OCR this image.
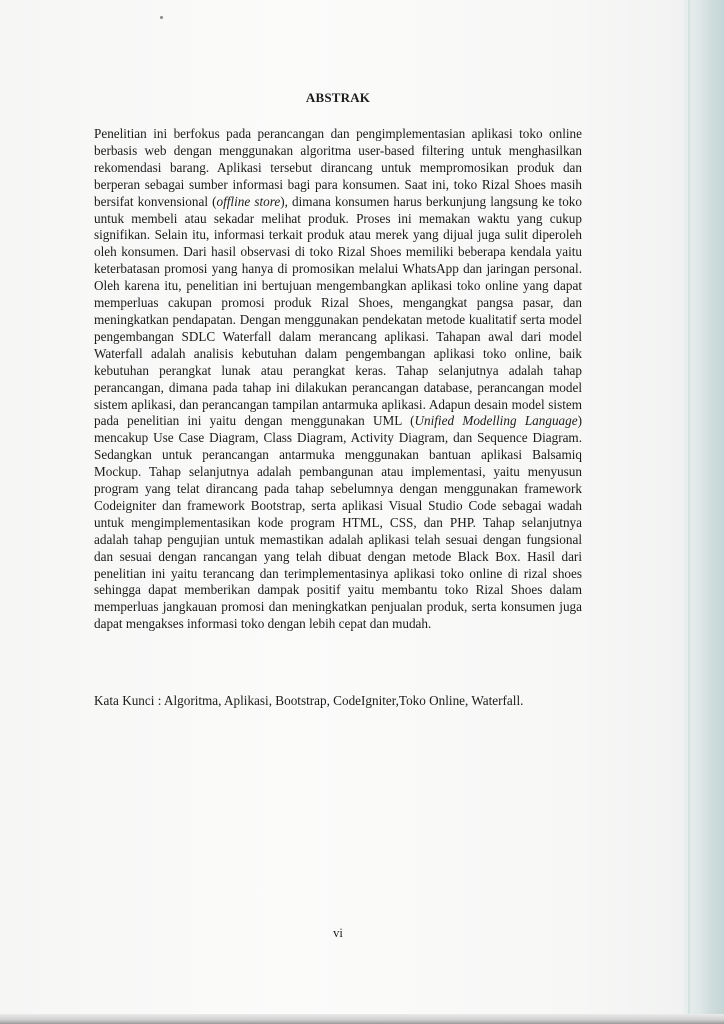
ABSTRAK

Penelitian ini berfokus pada perancangan dan pengimplementasian aplikasi toko online berbasis web dengan menggunakan algoritma user-based filtering untuk menghasilkan rekomendasi barang. Aplikasi tersebut dirancang untuk mempromosikan produk dan berperan sebagai sumber informasi bagi para konsumen. Saat ini, toko Rizal Shoes masih bersifat konvensional (offline store), dimana konsumen harus berkunjung langsung ke toko untuk membeli atau sekadar melihat produk. Proses ini memakan waktu yang cukup signifikan. Selain itu, informasi terkait produk atau merek yang dijual juga sulit diperoleh oleh konsumen. Dari hasil observasi di toko Rizal Shoes memiliki beberapa kendala yaitu keterbatasan promosi yang hanya di promosikan melalui WhatsApp dan jaringan personal. Oleh karena itu, penelitian ini bertujuan mengembangkan aplikasi toko online yang dapat memperluas cakupan promosi produk Rizal Shoes, mengangkat pangsa pasar, dan meningkatkan pendapatan. Dengan menggunakan pendekatan metode kualitatif serta model pengembangan SDLC Waterfall dalam merancang aplikasi. Tahapan awal dari model Waterfall adalah analisis kebutuhan dalam pengembangan aplikasi toko online, baik kebutuhan perangkat lunak atau perangkat keras. Tahap selanjutnya adalah tahap perancangan, dimana pada tahap ini dilakukan perancangan database, perancangan model sistem aplikasi, dan perancangan tampilan antarmuka aplikasi. Adapun desain model sistem pada penelitian ini yaitu dengan menggunakan UML (Unified Modelling Language) mencakup Use Case Diagram, Class Diagram, Activity Diagram, dan Sequence Diagram. Sedangkan untuk perancangan antarmuka menggunakan bantuan aplikasi Balsamiq Mockup. Tahap selanjutnya adalah pembangunan atau implementasi, yaitu menyusun program yang telat dirancang pada tahap sebelumnya dengan menggunakan framework Codeigniter dan framework Bootstrap, serta aplikasi Visual Studio Code sebagai wadah untuk mengimplementasikan kode program HTML, CSS, dan PHP. Tahap selanjutnya adalah tahap pengujian untuk memastikan adalah aplikasi telah sesuai dengan fungsional dan sesuai dengan rancangan yang telah dibuat dengan metode Black Box. Hasil dari penelitian ini yaitu terancang dan terimplementasinya aplikasi toko online di rizal shoes sehingga dapat memberikan dampak positif yaitu membantu toko Rizal Shoes dalam memperluas jangkauan promosi dan meningkatkan penjualan produk, serta konsumen juga dapat mengakses informasi toko dengan lebih cepat dan mudah.

Kata Kunci : Algoritma, Aplikasi, Bootstrap, CodeIgniter,Toko Online, Waterfall.

vi
